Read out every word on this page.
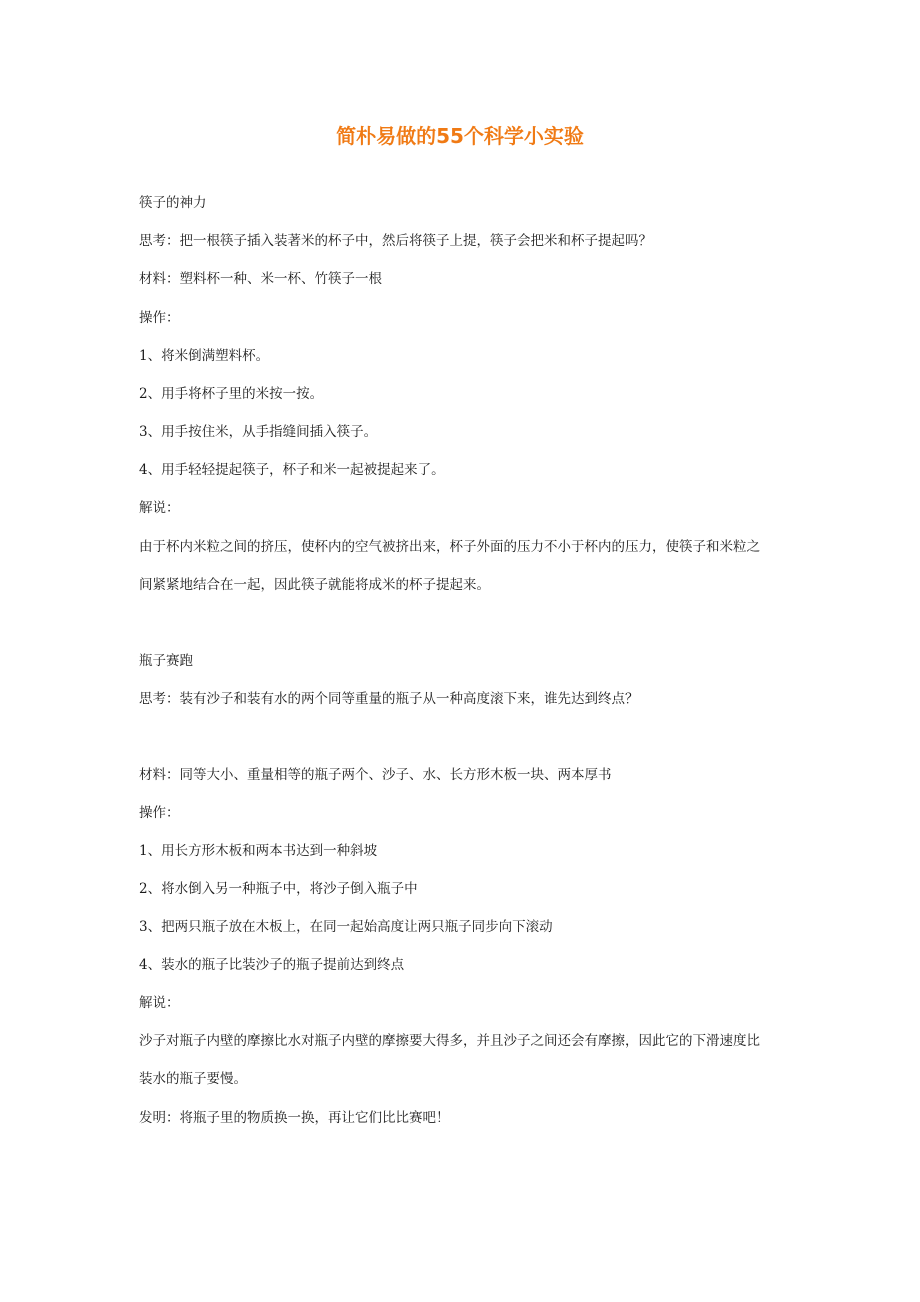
简朴易做的55个科学小实验
筷子的神力
思考：把一根筷子插入装著米的杯子中，然后将筷子上提，筷子会把米和杯子提起吗？
材料：塑料杯一种、米一杯、竹筷子一根
操作：
1、将米倒满塑料杯。
2、用手将杯子里的米按一按。
3、用手按住米，从手指缝间插入筷子。
4、用手轻轻提起筷子，杯子和米一起被提起来了。
解说：
由于杯内米粒之间的挤压，使杯内的空气被挤出来，杯子外面的压力不小于杯内的压力，使筷子和米粒之
间紧紧地结合在一起，因此筷子就能将成米的杯子提起来。
瓶子赛跑
思考：装有沙子和装有水的两个同等重量的瓶子从一种高度滚下来，谁先达到终点？
材料：同等大小、重量相等的瓶子两个、沙子、水、长方形木板一块、两本厚书
操作：
1、用长方形木板和两本书达到一种斜坡
2、将水倒入另一种瓶子中，将沙子倒入瓶子中
3、把两只瓶子放在木板上，在同一起始高度让两只瓶子同步向下滚动
4、装水的瓶子比装沙子的瓶子提前达到终点
解说：
沙子对瓶子内壁的摩擦比水对瓶子内壁的摩擦要大得多，并且沙子之间还会有摩擦，因此它的下滑速度比
装水的瓶子要慢。
发明：将瓶子里的物质换一换，再让它们比比赛吧！
